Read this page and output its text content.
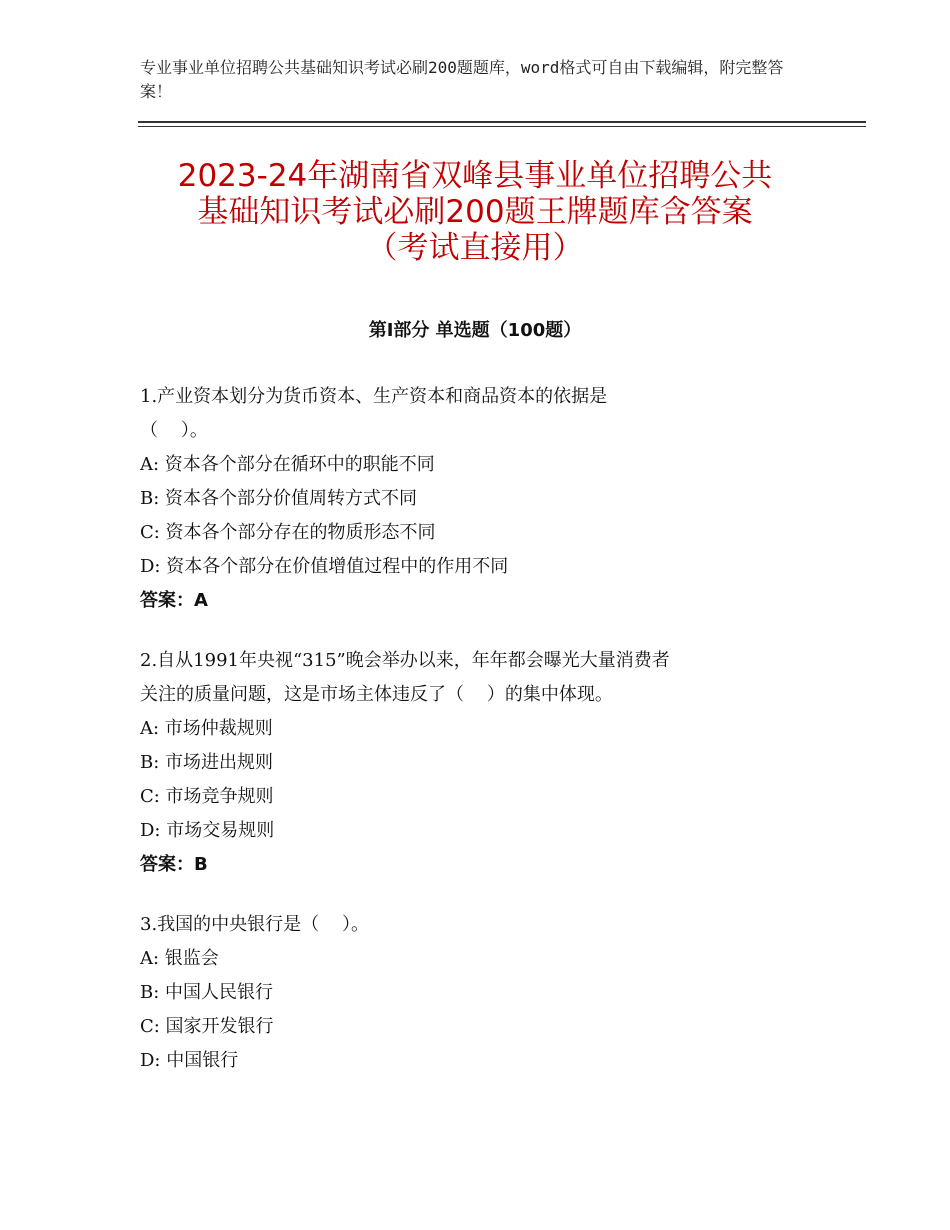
专业事业单位招聘公共基础知识考试必刷200题题库，word格式可自由下载编辑，附完整答案！
2023-24年湖南省双峰县事业单位招聘公共
基础知识考试必刷200题王牌题库含答案
（考试直接用）
第Ⅰ部分 单选题（100题）
1.产业资本划分为货币资本、生产资本和商品资本的依据是
（    ）。
A: 资本各个部分在循环中的职能不同
B: 资本各个部分价值周转方式不同
C: 资本各个部分存在的物质形态不同
D: 资本各个部分在价值增值过程中的作用不同
答案：A
2.自从1991年央视“315”晚会举办以来，年年都会曝光大量消费者
关注的质量问题，这是市场主体违反了（    ）的集中体现。
A: 市场仲裁规则
B: 市场进出规则
C: 市场竞争规则
D: 市场交易规则
答案：B
3.我国的中央银行是（    ）。
A: 银监会
B: 中国人民银行
C: 国家开发银行
D: 中国银行
